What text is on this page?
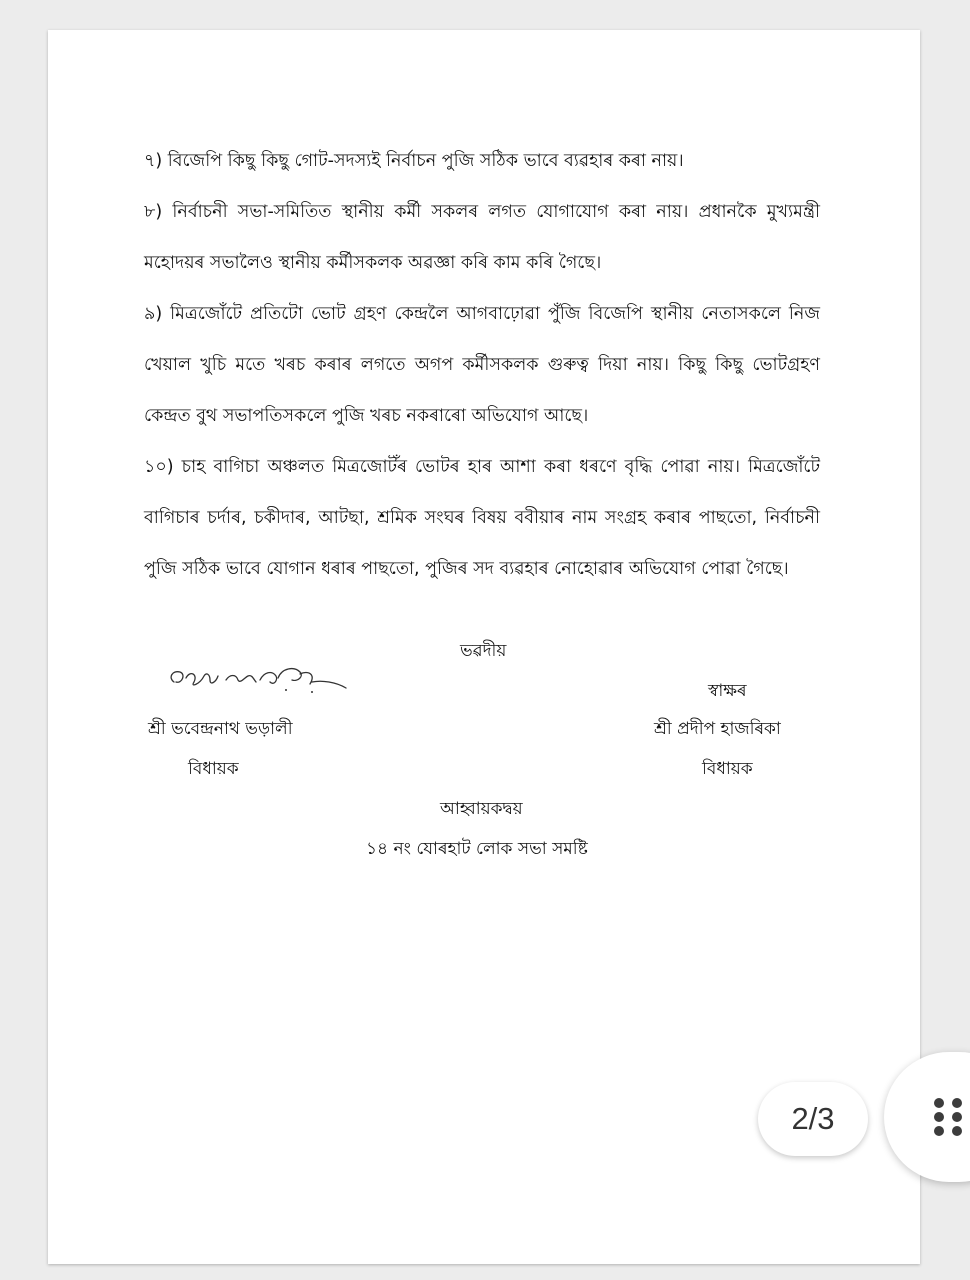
৭) বিজেপি কিছু কিছু গোট-সদস্যই নিৰ্বাচন পুজি সঠিক ভাবে ব্যৱহাৰ কৰা নায়।

৮) নিৰ্বাচনী সভা-সমিতিত স্থানীয় কৰ্মী সকলৰ লগত যোগাযোগ কৰা নায়। প্ৰধানকৈ মুখ্যমন্ত্ৰী মহোদয়ৰ সভালৈও স্থানীয় কৰ্মীসকলক অৱজ্ঞা কৰি কাম কৰি গৈছে।

৯) মিত্ৰজোঁটে প্ৰতিটো ভোট গ্ৰহণ কেন্দ্ৰলৈ আগবাঢ়োৱা পুঁজি বিজেপি স্থানীয় নেতাসকলে নিজ খেয়াল খুচি মতে খৰচ কৰাৰ লগতে অগপ কৰ্মীসকলক গুৰুত্ব দিয়া নায়। কিছু কিছু ভোটগ্ৰহণ কেন্দ্ৰত বুথ সভাপতিসকলে পুজি খৰচ নকৰাৰো অভিযোগ আছে।

১০) চাহ বাগিচা অঞ্চলত মিত্ৰজোটঁৰ ভোটৰ হাৰ আশা কৰা ধৰণে বৃদ্ধি পোৱা নায়। মিত্ৰজোঁটে বাগিচাৰ চৰ্দাৰ, চকীদাৰ, আটছা, শ্ৰমিক সংঘৰ বিষয় ববীয়াৰ নাম সংগ্ৰহ কৰাৰ পাছতো, নিৰ্বাচনী পুজি সঠিক ভাবে যোগান ধৰাৰ পাছতো, পুজিৰ সদ ব্যৱহাৰ নোহোৱাৰ অভিযোগ পোৱা গৈছে।

ভৱদীয়
স্বাক্ষৰ
শ্ৰী ভবেন্দ্ৰনাথ ভড়ালী
বিধায়ক
শ্ৰী প্ৰদীপ হাজৰিকা
বিধায়ক
আহ্বায়কদ্বয়
১৪ নং যোৰহাট লোক সভা সমষ্টি
2/3
